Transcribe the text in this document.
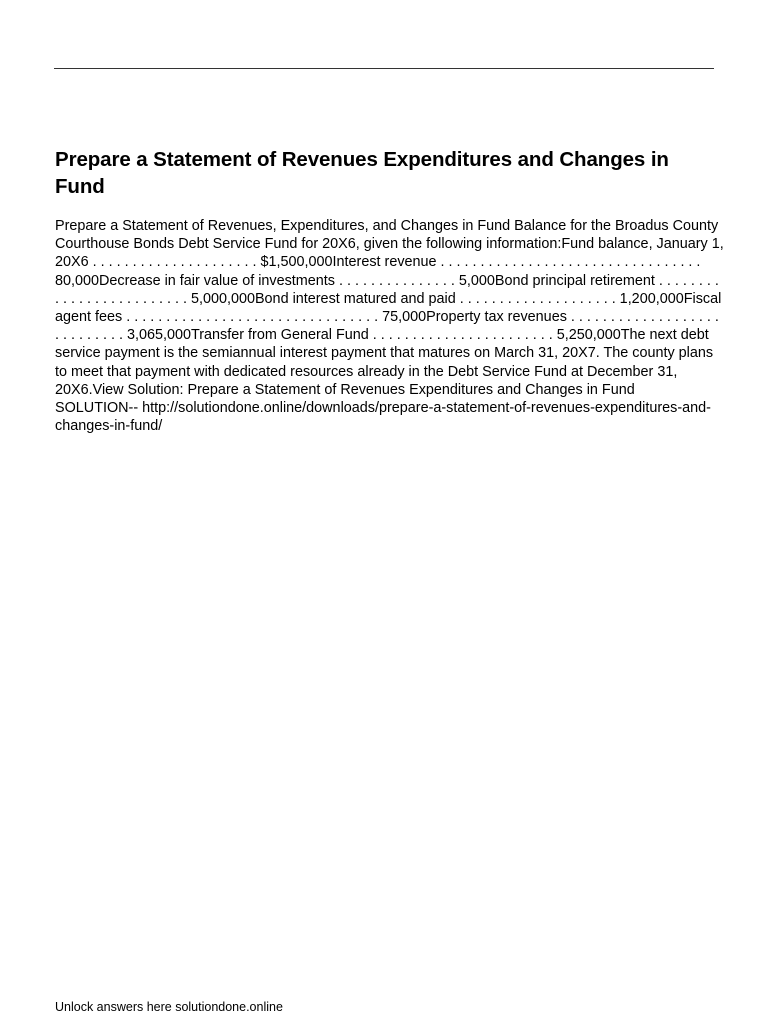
Prepare a Statement of Revenues Expenditures and Changes in Fund

Prepare a Statement of Revenues, Expenditures, and Changes in Fund Balance for the Broadus County Courthouse Bonds Debt Service Fund for 20X6, given the following information:Fund balance, January 1, 20X6 . . . . . . . . . . . . . . . . . . . . . $1,500,000Interest revenue . . . . . . . . . . . . . . . . . . . . . . . . . . . . . . . . . 80,000Decrease in fair value of investments . . . . . . . . . . . . . . . 5,000Bond principal retirement . . . . . . . . . . . . . . . . . . . . . . . . . 5,000,000Bond interest matured and paid . . . . . . . . . . . . . . . . . . . . 1,200,000Fiscal agent fees . . . . . . . . . . . . . . . . . . . . . . . . . . . . . . . . 75,000Property tax revenues . . . . . . . . . . . . . . . . . . . . . . . . . . . . 3,065,000Transfer from General Fund . . . . . . . . . . . . . . . . . . . . . . . 5,250,000The next debt service payment is the semiannual interest payment that matures on March 31, 20X7. The county plans to meet that payment with dedicated resources already in the Debt Service Fund at December 31, 20X6.View Solution: Prepare a Statement of Revenues Expenditures and Changes in Fund

SOLUTION-- http://solutiondone.online/downloads/prepare-a-statement-of-revenues-expenditures-and-changes-in-fund/

Unlock answers here solutiondone.online
